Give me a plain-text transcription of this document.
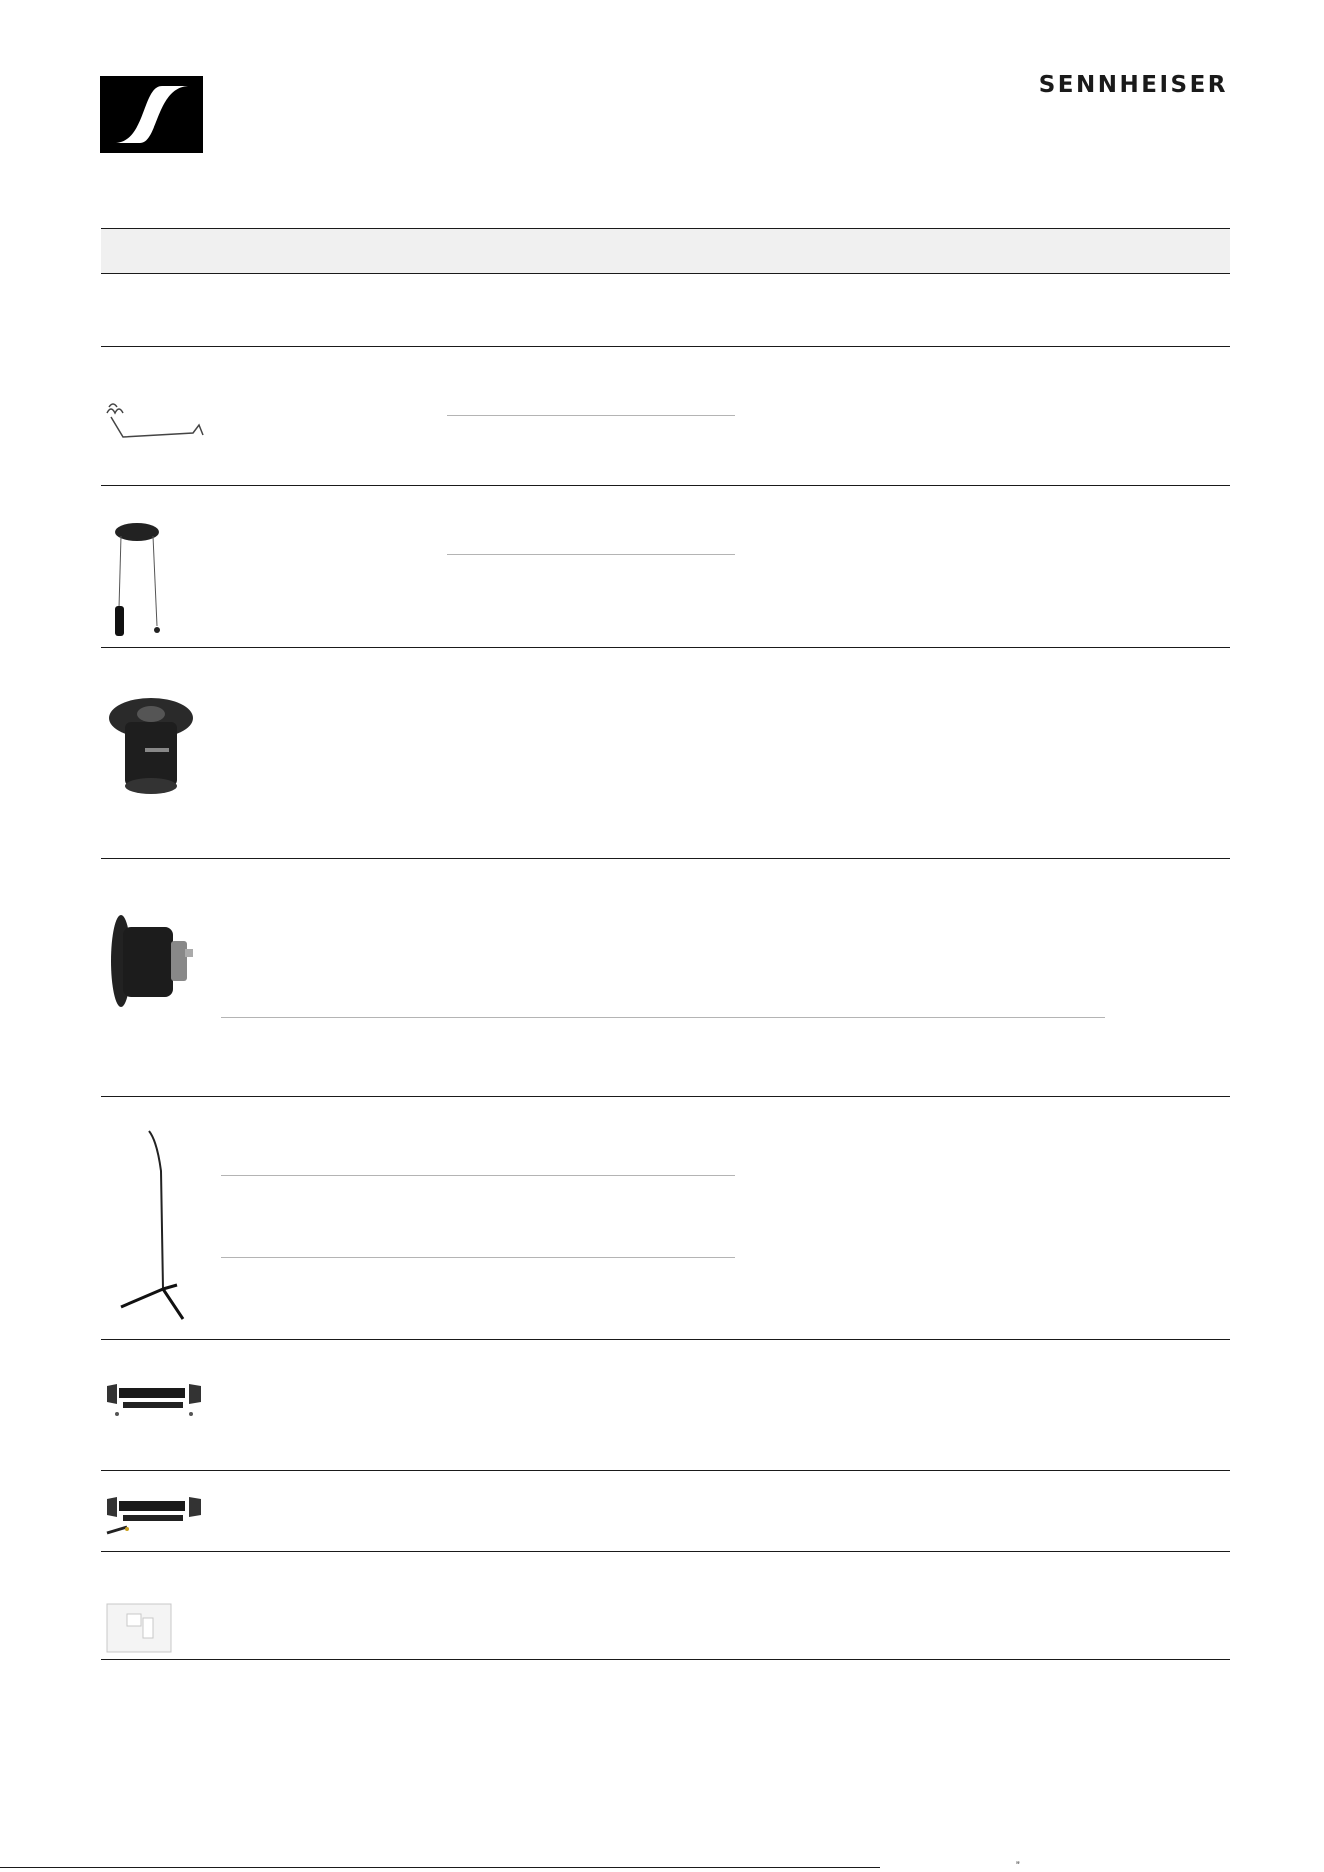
SENNHEISER
”
